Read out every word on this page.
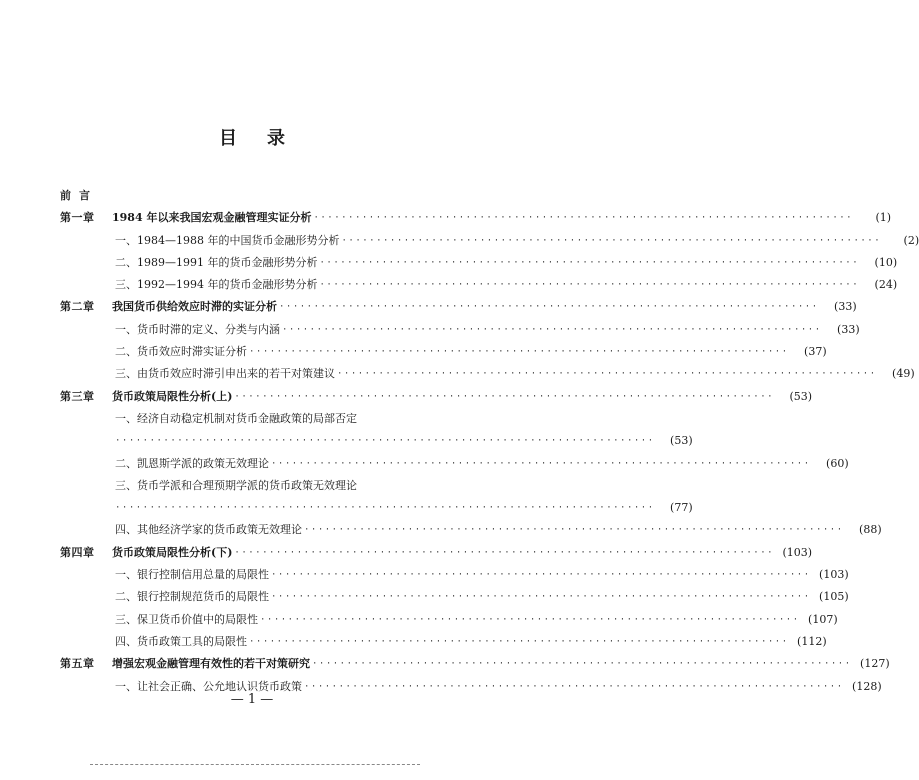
目 录
前言
第一章	1984 年以来我国宏观金融管理实证分析 ··············································································	(1)
一、1984—1988 年的中国货币金融形势分析 ··············································································	(2)
二、1989—1991 年的货币金融形势分析 ··············································································	(10)
三、1992—1994 年的货币金融形势分析 ··············································································	(24)
第二章	我国货币供给效应时滞的实证分析 ··············································································	(33)
一、货币时滞的定义、分类与内涵 ··············································································	(33)
二、货币效应时滞实证分析 ··············································································	(37)
三、由货币效应时滞引申出来的若干对策建议 ··············································································	(49)
第三章	货币政策局限性分析(上) ··············································································	(53)
一、经济自动稳定机制对货币金融政策的局部否定
··············································································	(53)
二、凯恩斯学派的政策无效理论 ··············································································	(60)
三、货币学派和合理预期学派的货币政策无效理论
··············································································	(77)
四、其他经济学家的货币政策无效理论 ··············································································	(88)
第四章	货币政策局限性分析(下) ·············································································· (103)
一、银行控制信用总量的局限性 ·············································································· (103)
二、银行控制规范货币的局限性 ·············································································· (105)
三、保卫货币价值中的局限性 ·············································································· (107)
四、货币政策工具的局限性 ·············································································· (112)
第五章	增强宏观金融管理有效性的若干对策研究 ·············································································· (127)
一、让社会正确、公允地认识货币政策 ·············································································· (128)
— 1 —
